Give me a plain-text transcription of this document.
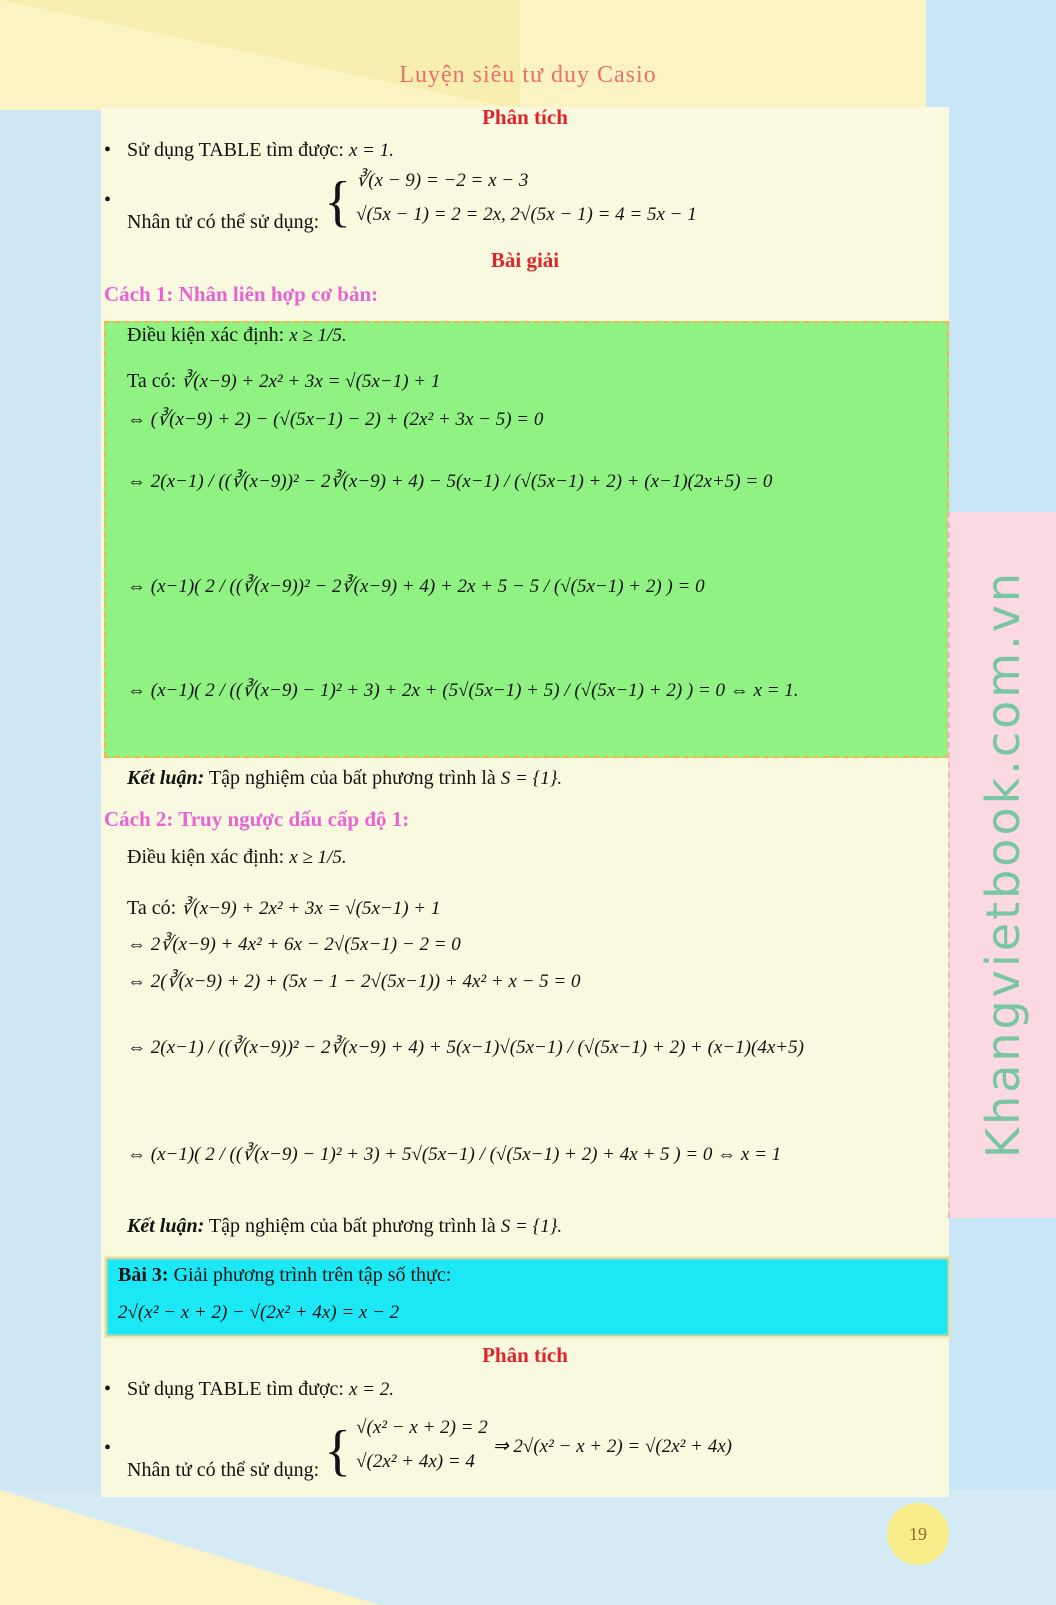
Luyện siêu tư duy Casio
Phân tích
• Sử dụng TABLE tìm được: x = 1.
•
Nhân tử có thể sử dụng: { ∛(x − 9) = −2 = x − 3
√(5x − 1) = 2 = 2x, 2√(5x − 1) = 4 = 5x − 1
Bài giải
Cách 1: Nhân liên hợp cơ bản:
Điều kiện xác định: x ≥ 1/5.
Ta có: ∛(x−9) + 2x² + 3x = √(5x−1) + 1
⇔ (∛(x−9) + 2) − (√(5x−1) − 2) + (2x² + 3x − 5) = 0
⇔ 2(x−1) / ((∛(x−9))² − 2∛(x−9) + 4) − 5(x−1) / (√(5x−1) + 2) + (x−1)(2x+5) = 0
⇔ (x−1)( 2 / ((∛(x−9))² − 2∛(x−9) + 4) + 2x + 5 − 5 / (√(5x−1) + 2) ) = 0
⇔ (x−1)( 2 / ((∛(x−9) − 1)² + 3) + 2x + (5√(5x−1) + 5) / (√(5x−1) + 2) ) = 0 ⇔ x = 1.
Kết luận: Tập nghiệm của bất phương trình là S = {1}.
Cách 2: Truy ngược dấu cấp độ 1:
Điều kiện xác định: x ≥ 1/5.
Ta có: ∛(x−9) + 2x² + 3x = √(5x−1) + 1
⇔ 2∛(x−9) + 4x² + 6x − 2√(5x−1) − 2 = 0
⇔ 2(∛(x−9) + 2) + (5x − 1 − 2√(5x−1)) + 4x² + x − 5 = 0
⇔ 2(x−1) / ((∛(x−9))² − 2∛(x−9) + 4) + 5(x−1)√(5x−1) / (√(5x−1) + 2) + (x−1)(4x+5)
⇔ (x−1)( 2 / ((∛(x−9) − 1)² + 3) + 5√(5x−1) / (√(5x−1) + 2) + 4x + 5 ) = 0 ⇔ x = 1
Kết luận: Tập nghiệm của bất phương trình là S = {1}.
Bài 3: Giải phương trình trên tập số thực:
2√(x² − x + 2) − √(2x² + 4x) = x − 2
Phân tích
• Sử dụng TABLE tìm được: x = 2.
•
Nhân tử có thể sử dụng: { √(x² − x + 2) = 2
√(2x² + 4x) = 4
⇒ 2√(x² − x + 2) = √(2x² + 4x)
Khangvietbook.com.vn
19
